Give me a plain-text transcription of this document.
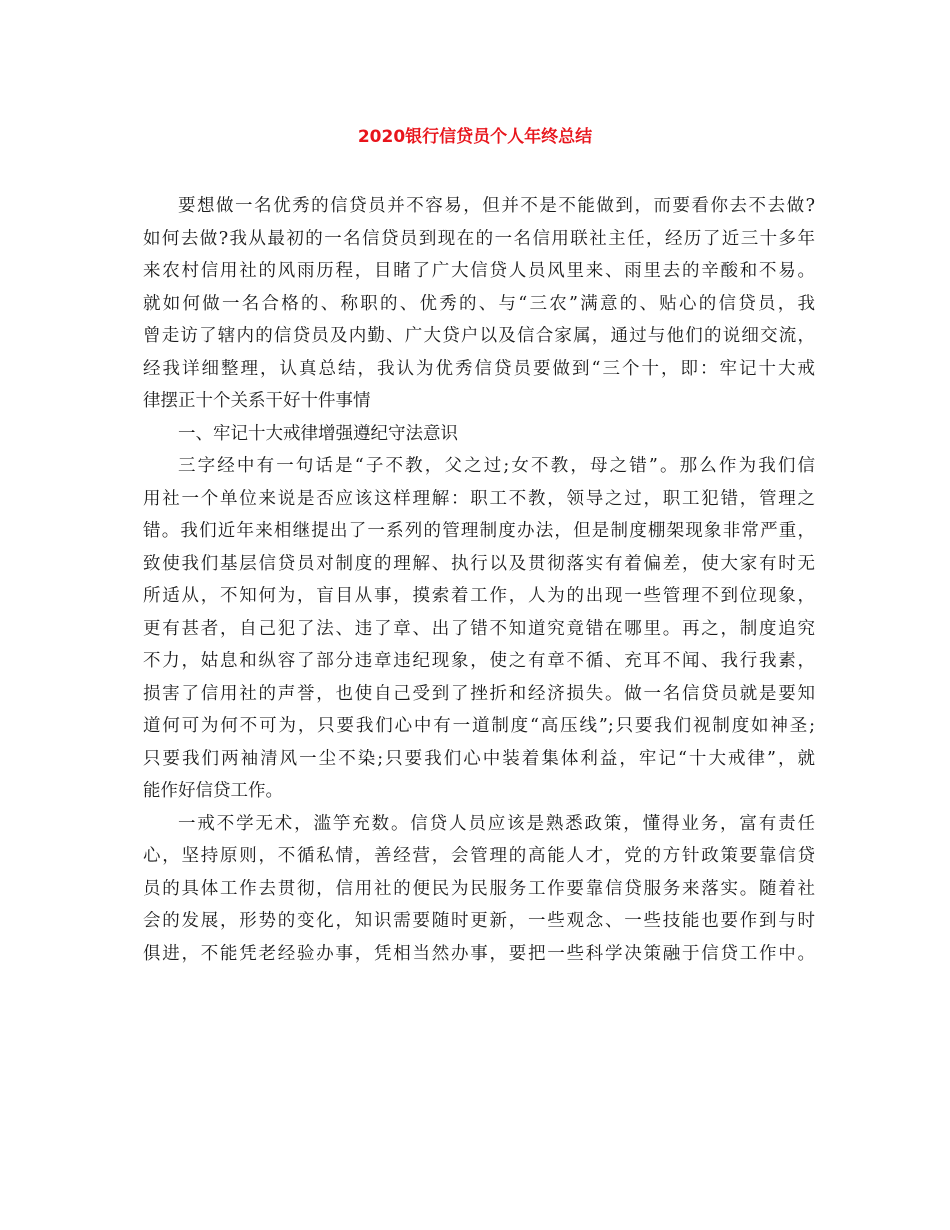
2020银行信贷员个人年终总结
要想做一名优秀的信贷员并不容易，但并不是不能做到，而要看你去不去做?
如何去做?我从最初的一名信贷员到现在的一名信用联社主任，经历了近三十多年
来农村信用社的风雨历程，目睹了广大信贷人员风里来、雨里去的辛酸和不易。
就如何做一名合格的、称职的、优秀的、与“三农”满意的、贴心的信贷员，我
曾走访了辖内的信贷员及内勤、广大贷户以及信合家属，通过与他们的说细交流，
经我详细整理，认真总结，我认为优秀信贷员要做到“三个十，即：牢记十大戒
律摆正十个关系干好十件事情
一、牢记十大戒律增强遵纪守法意识
三字经中有一句话是“子不教，父之过;女不教，母之错”。那么作为我们信
用社一个单位来说是否应该这样理解：职工不教，领导之过，职工犯错，管理之
错。我们近年来相继提出了一系列的管理制度办法，但是制度棚架现象非常严重，
致使我们基层信贷员对制度的理解、执行以及贯彻落实有着偏差，使大家有时无
所适从，不知何为，盲目从事，摸索着工作，人为的出现一些管理不到位现象，
更有甚者，自己犯了法、违了章、出了错不知道究竟错在哪里。再之，制度追究
不力，姑息和纵容了部分违章违纪现象，使之有章不循、充耳不闻、我行我素，
损害了信用社的声誉，也使自己受到了挫折和经济损失。做一名信贷员就是要知
道何可为何不可为，只要我们心中有一道制度“高压线”;只要我们视制度如神圣;
只要我们两袖清风一尘不染;只要我们心中装着集体利益，牢记“十大戒律”，就
能作好信贷工作。
一戒不学无术，滥竽充数。信贷人员应该是熟悉政策，懂得业务，富有责任
心，坚持原则，不循私情，善经营，会管理的高能人才，党的方针政策要靠信贷
员的具体工作去贯彻，信用社的便民为民服务工作要靠信贷服务来落实。随着社
会的发展，形势的变化，知识需要随时更新，一些观念、一些技能也要作到与时
俱进，不能凭老经验办事，凭相当然办事，要把一些科学决策融于信贷工作中。
